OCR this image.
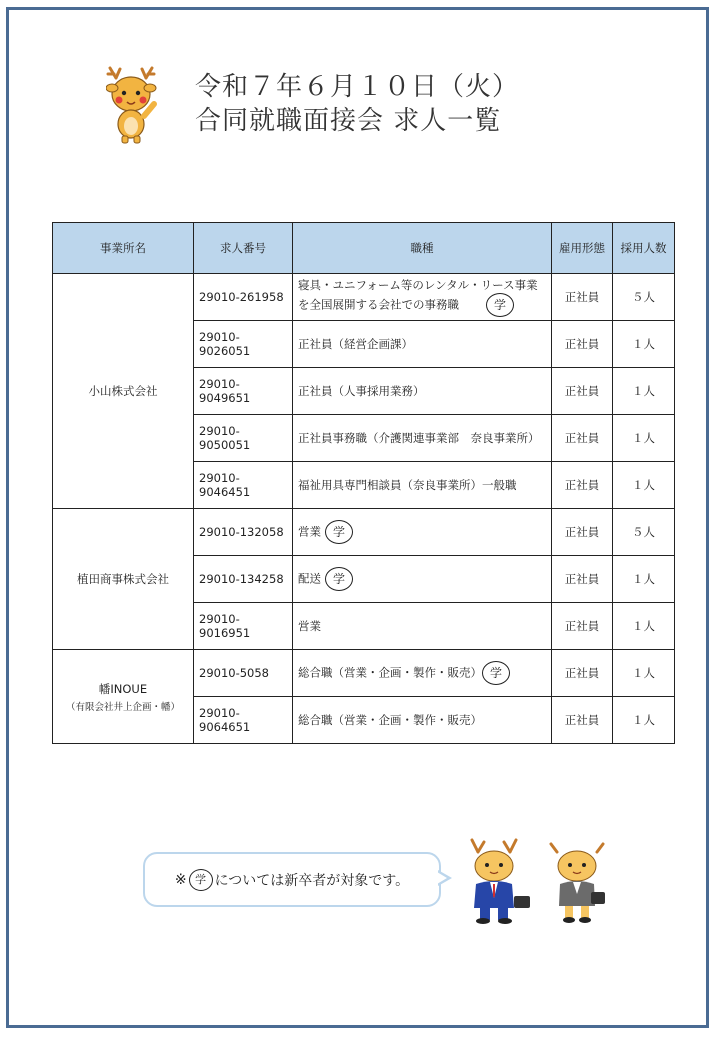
令和７年６月１０日（火）
合同就職面接会 求人一覧
事業所名	求人番号	職種	雇用形態	採用人数
小山株式会社	29010-261958	寝具・ユニフォーム等のレンタル・リース事業
を全国展開する会社での事務職　　 学	正社員	５人
	29010-9026051	正社員（経営企画課）	正社員	１人
	29010-9049651	正社員（人事採用業務）	正社員	１人
	29010-9050051	正社員事務職（介護関連事業部　奈良事業所）	正社員	１人
	29010-9046451	福祉用具専門相談員（奈良事業所）一般職	正社員	１人
植田商事株式会社	29010-132058	営業 学	正社員	５人
	29010-134258	配送 学	正社員	１人
	29010-9016951	営業	正社員	１人
幡INOUE
（有限会社井上企画・幡）	29010-5058	総合職（営業・企画・製作・販売） 学	正社員	１人
	29010-9064651	総合職（営業・企画・製作・販売）	正社員	１人
※ 学 については新卒者が対象です。
